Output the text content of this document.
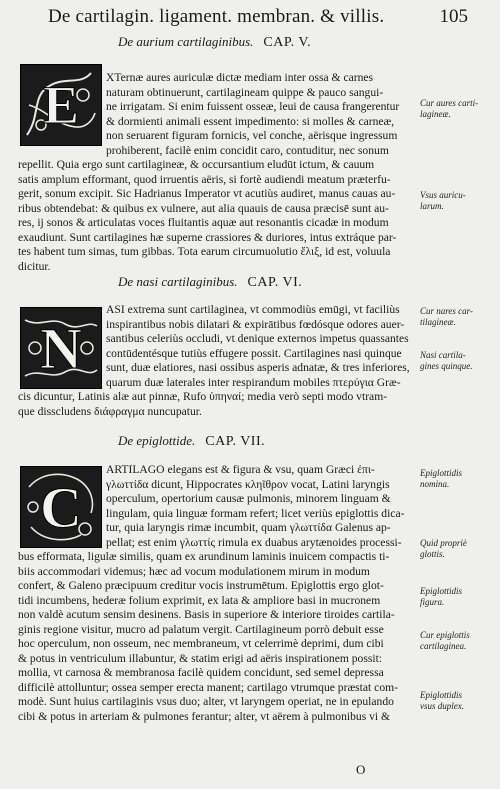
De cartilagin. ligament. membran. & villis.	105
De aurium cartilaginibus. CAP. V.
E	XTernæ aures auriculæ dictæ mediam inter ossa & carnes
naturam obtinuerunt, cartilagineam quippe & pauco sangui-
ne irrigatam. Si enim fuissent osseæ, leui de causa frangerentur
& dormienti animali essent impedimento: si molles & carneæ,
non seruarent figuram fornicis, vel conche, aërisque ingressum
prohiberent, facilè enim concidit caro, contuditur, nec sonum
repellit. Quia ergo sunt cartilagineæ, & occursantium eludūt ictum, & cauum
satis amplum efformant, quod irruentis aëris, si fortè audiendi meatum præterfu-
gerit, sonum excipit. Sic Hadrianus Imperator vt acutiùs audiret, manus cauas au-
ribus obtendebat: & quibus ex vulnere, aut alia quauis de causa præcisē sunt au-
res, ij sonos & articulatas voces fluitantis aquæ aut resonantis cicadæ in modum
exaudiunt. Sunt cartilagines hæ superne crassiores & duriores, intus extráque par-
tes habent tum simas, tum gibbas. Tota earum circumuolutio ἕλιξ, id est, voluula
dicitur.
De nasi cartilaginibus. CAP. VI.
N
ASI extrema sunt cartilaginea, vt commodiùs emūgi, vt faciliùs
inspirantibus nobis dilatari & expirātibus fœdósque odores auer-
santibus celeriùs occludi, vt denique externos impetus quassantes
contūdentésque tutiùs effugere possit. Cartilagines nasi quinque
sunt, duæ elatiores, nasi ossibus asperis adnatæ, & tres inferiores,
quarum duæ laterales inter respirandum mobiles πτερύγια Græ-
cis dicuntur, Latinis alæ aut pinnæ, Rufo ὑπηναί; media verò septi modo vtram-
que disscludens διάφραγμα nuncupatur.
De epiglottide. CAP. VII.
C
ARTILAGO elegans est & figura & vsu, quam Græci ἐπι-
γλωττίδα dicunt, Hippocrates κληῖθρον vocat, Latini laryngis
operculum, opertorium causæ pulmonis, minorem linguam &
lingulam, quia linguæ formam refert; licet veriùs epiglottis dica-
tur, quia laryngis rimæ incumbit, quam γλωττίδα Galenus ap-
pellat; est enim γλωττίς rimula ex duabus arytænoides processi-
bus efformata, ligulæ similis, quam ex arundinum laminis inuicem compactis ti-
biis accommodari videmus; hæc ad vocum modulationem mirum in modum
confert, & Galeno præcipuum creditur vocis instrumētum. Epiglottis ergo glot-
tidi incumbens, hederæ folium exprimit, ex lata & ampliore basi in mucronem
non valdè acutum sensim desinens. Basis in superiore & interiore tiroides cartila-
ginis regione visitur, mucro ad palatum vergit. Cartilagineum porrò debuit esse
hoc operculum, non osseum, nec membraneum, vt celerrimè deprimi, dum cibi
& potus in ventriculum illabuntur, & statim erigi ad aëris inspirationem possit:
mollia, vt carnosa & membranosa facilè quidem concidunt, sed semel depressa
difficilè attolluntur; ossea semper erecta manent; cartilago vtrumque præstat com-
modè. Sunt huius cartilaginis vsus duo; alter, vt laryngem operiat, ne in epulando
cibi & potus in arteriam & pulmones ferantur; alter, vt aërem à pulmonibus vi &
Cur aures carti-
lagineæ.
Vsus auricu-
larum.
Cur nares car-
tilagineæ.
Nasi cartila-
gines quinque.
Epiglottidis
nomina.
Quid propriè
glottis.
Epiglottidis
figura.
Cur epiglottis
cartilaginea.
Epiglottidis
vsus duplex.
O
